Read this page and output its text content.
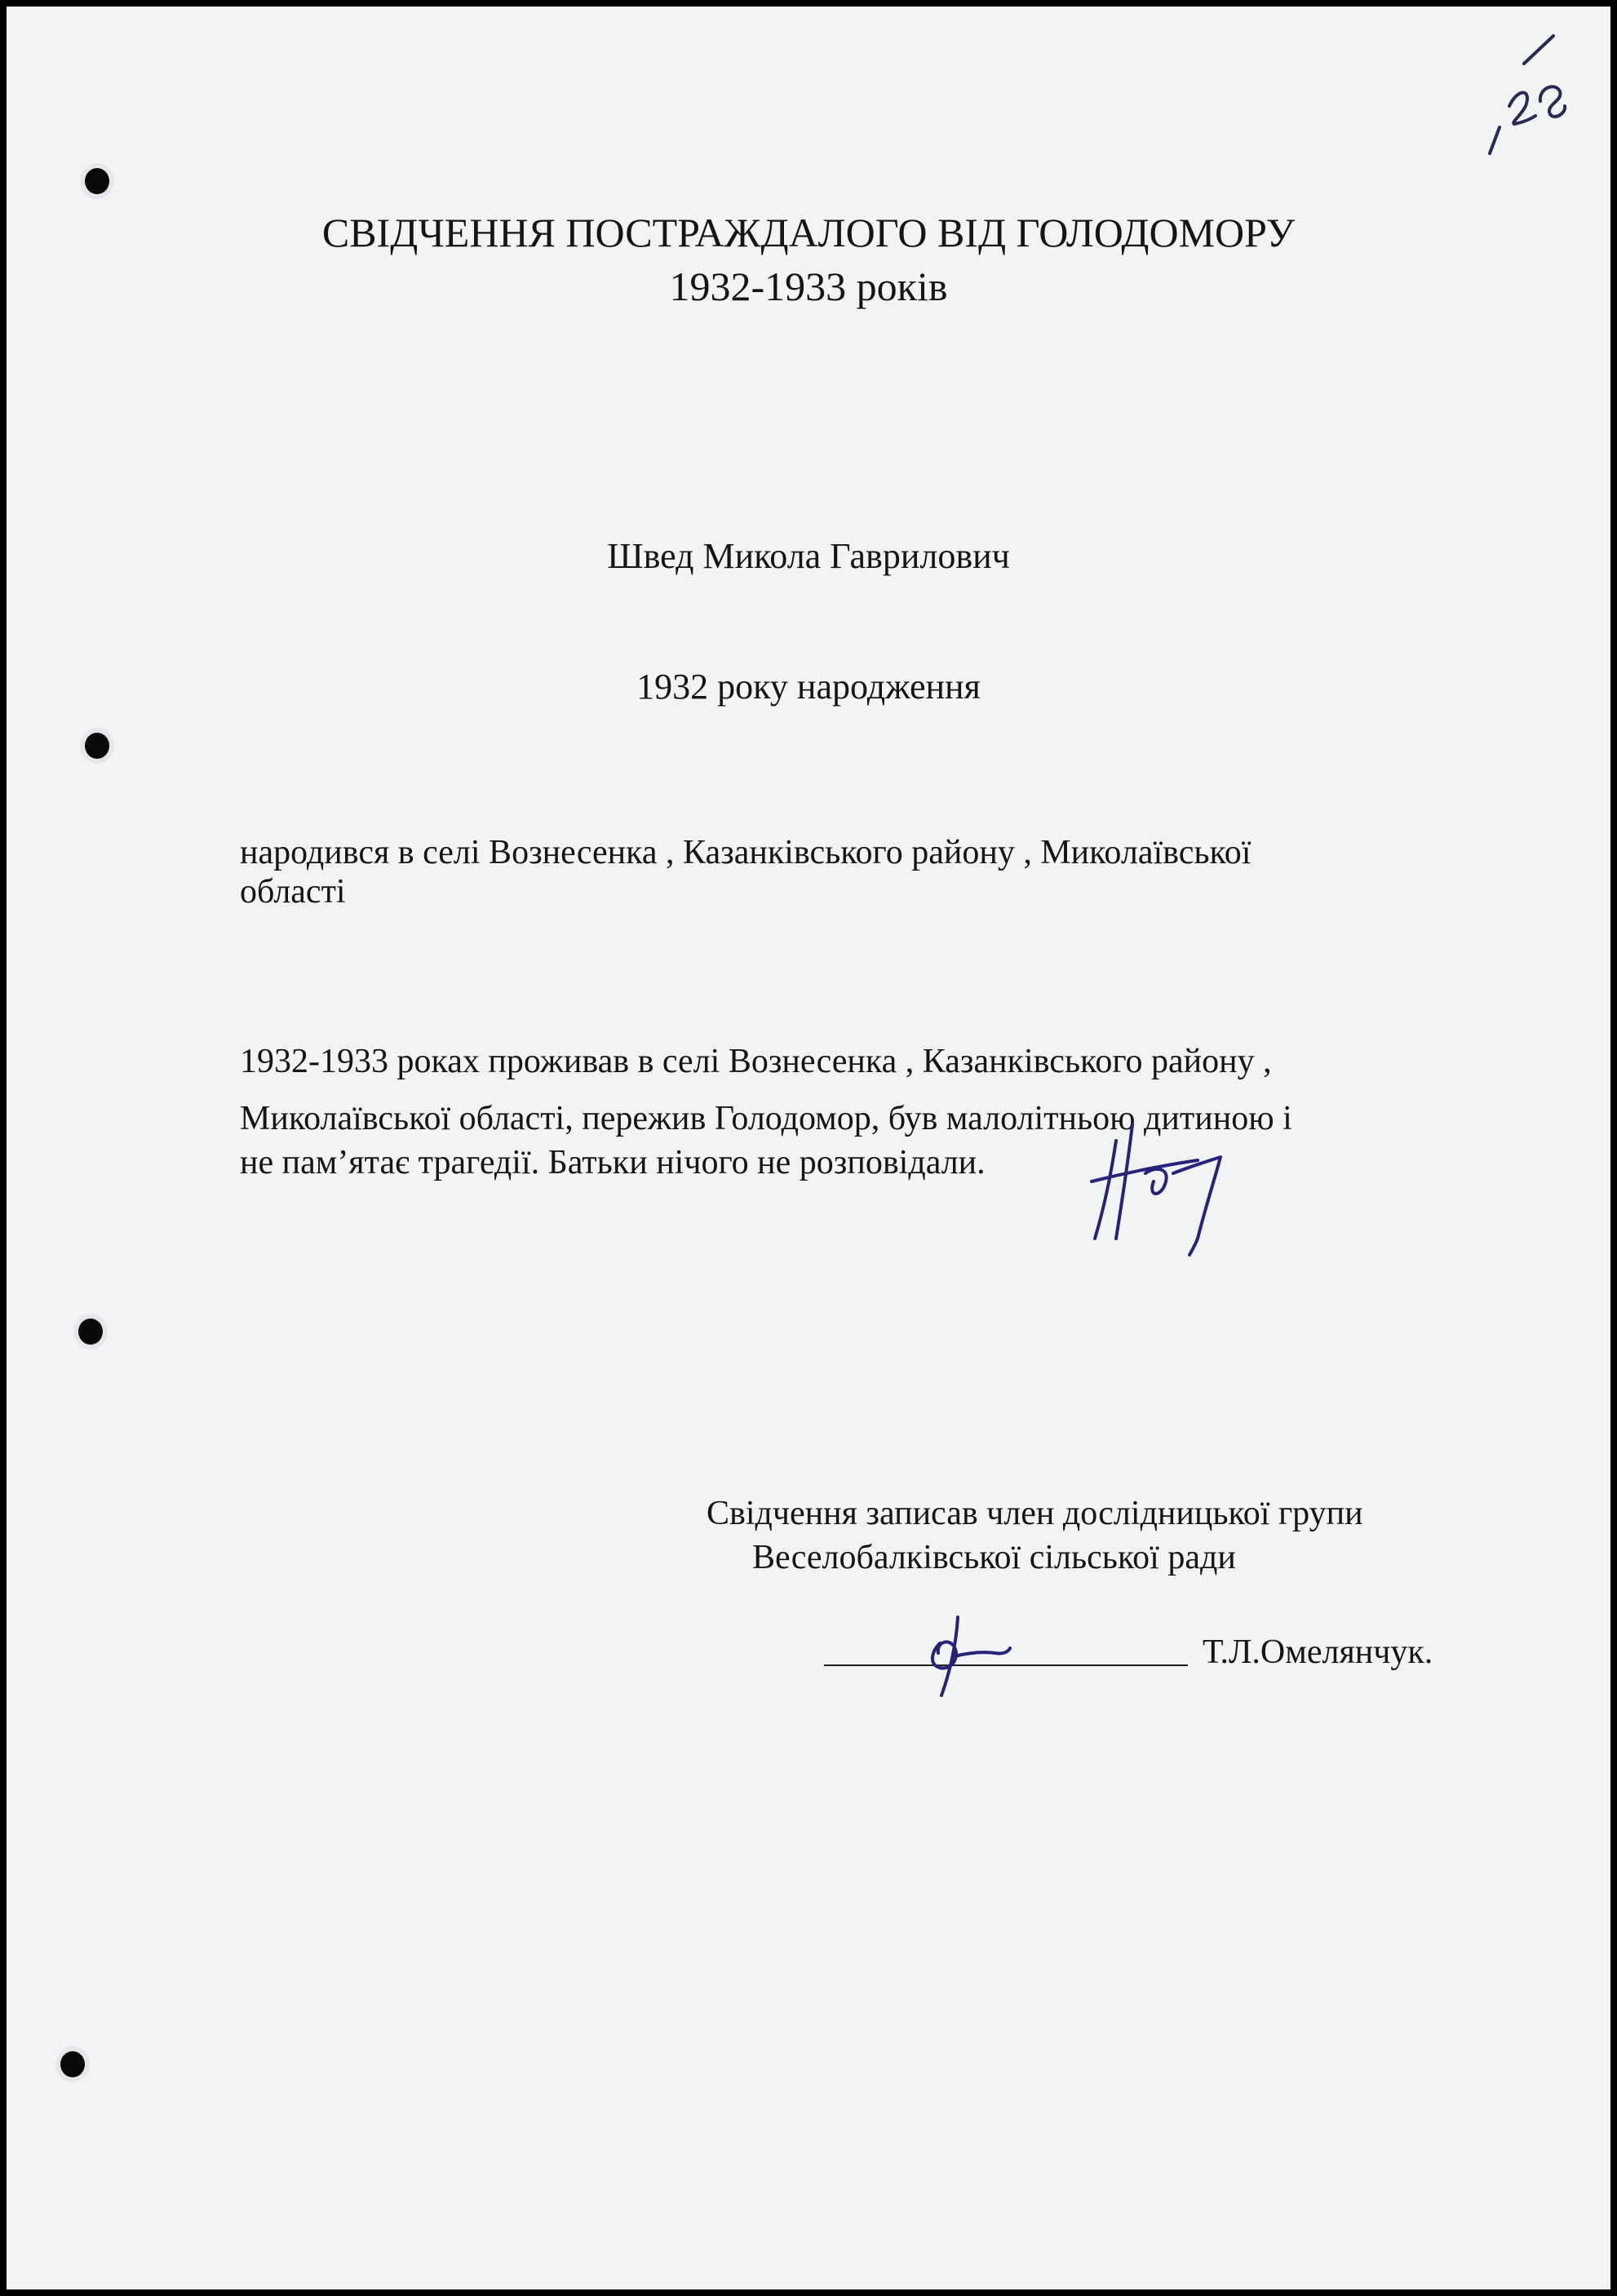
СВІДЧЕННЯ ПОСТРАЖДАЛОГО ВІД ГОЛОДОМОРУ
1932-1933 років
Швед Микола Гаврилович
1932 року народження
народився в селі Вознесенка , Казанківського району , Миколаївської
області
1932-1933 роках проживав в селі Вознесенка , Казанківського району ,
Миколаївської області, пережив Голодомор, був малолітньою дитиною і
не пам’ятає трагедії. Батьки нічого не розповідали.
Свідчення записав член дослідницької групи
Веселобалківської сільської ради
Т.Л.Омелянчук.
